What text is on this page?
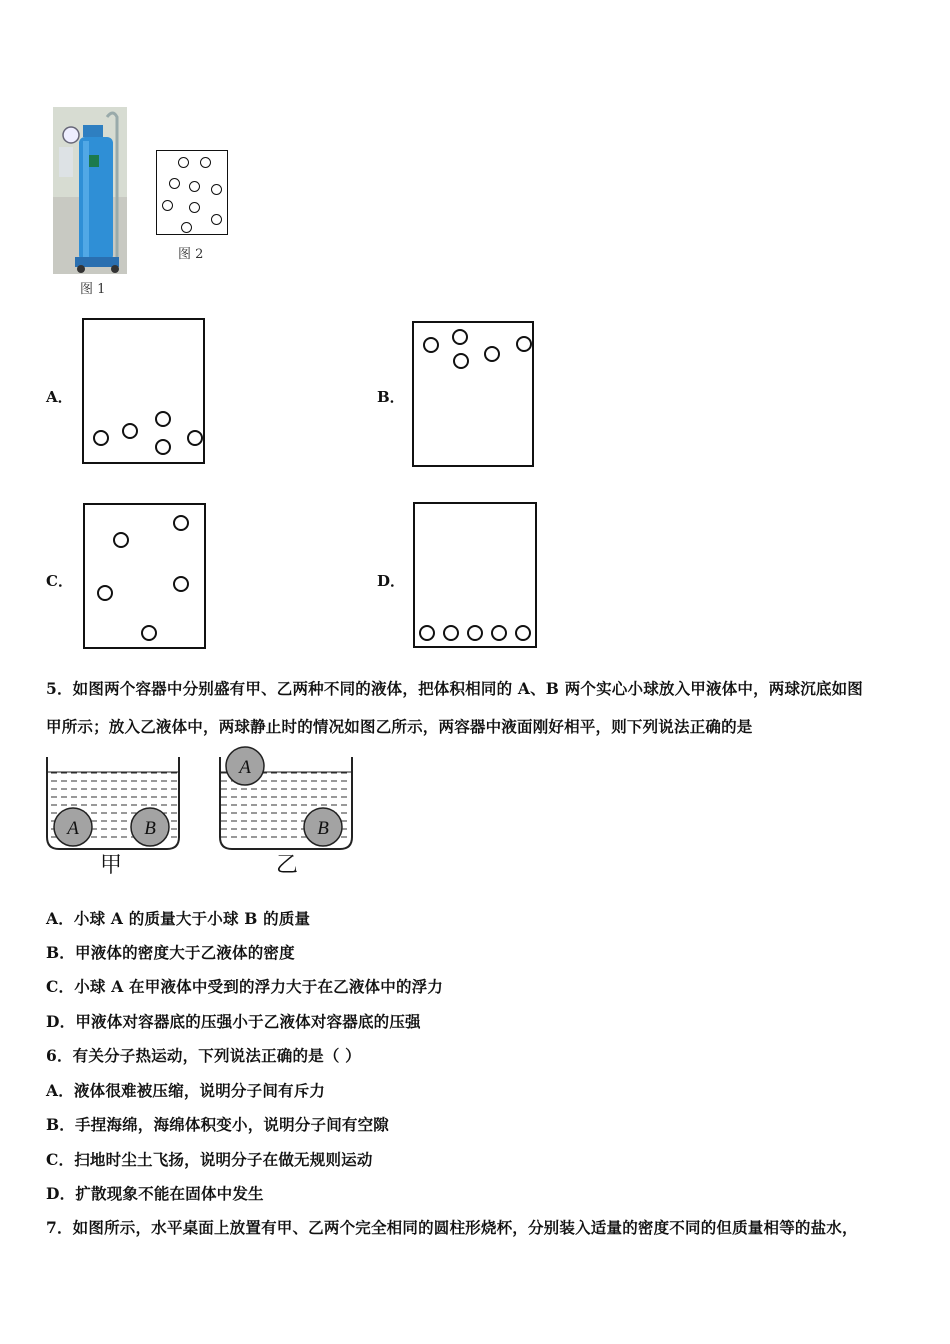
图 1
图 2
A．	B．
C．	D．
5．如图两个容器中分别盛有甲、乙两种不同的液体，把体积相同的 A、B 两个实心小球放入甲液体中，两球沉底如图
甲所示；放入乙液体中，两球静止时的情况如图乙所示，两容器中液面刚好相平，则下列说法正确的是
A	B
甲
A
B
乙
A．小球 A 的质量大于小球 B 的质量
B．甲液体的密度大于乙液体的密度
C．小球 A 在甲液体中受到的浮力大于在乙液体中的浮力
D．甲液体对容器底的压强小于乙液体对容器底的压强
6．有关分子热运动，下列说法正确的是（ ）
A．液体很难被压缩，说明分子间有斥力
B．手捏海绵，海绵体积变小，说明分子间有空隙
C．扫地时尘土飞扬，说明分子在做无规则运动
D．扩散现象不能在固体中发生
7．如图所示，水平桌面上放置有甲、乙两个完全相同的圆柱形烧杯，分别装入适量的密度不同的但质量相等的盐水，
